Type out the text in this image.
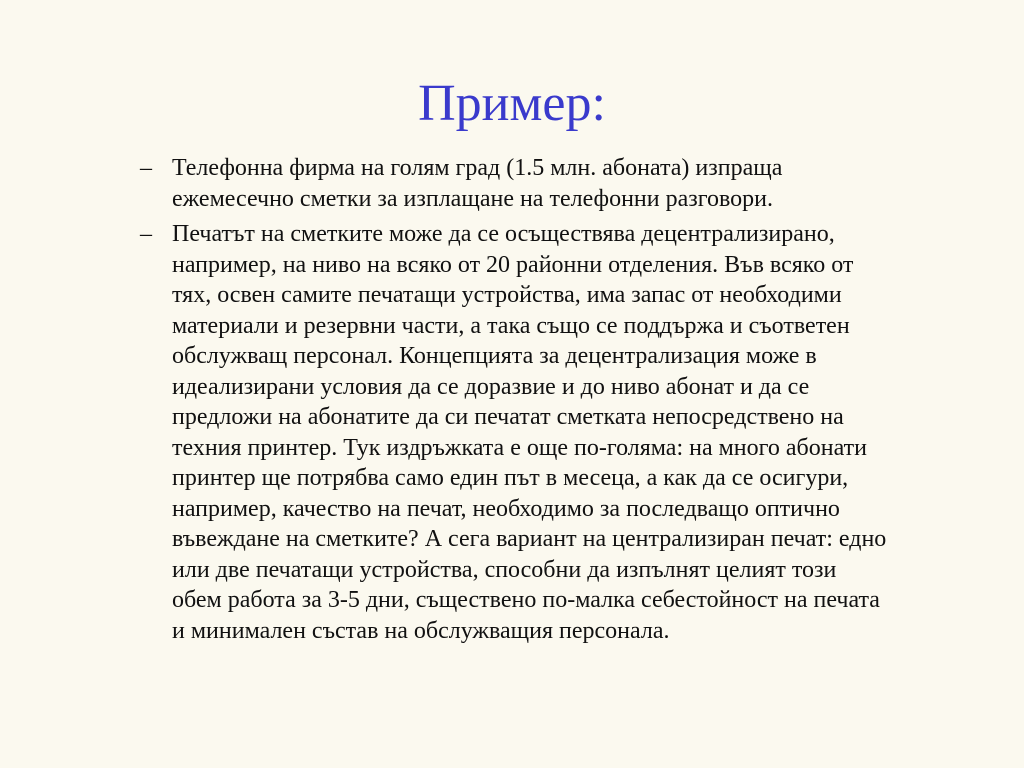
Пример:
– Телефонна фирма на голям град (1.5 млн. абоната) изпраща
ежемесечно сметки за изплащане на телефонни разговори.
– Печатът на сметките може да се осъществява децентрализирано,
например, на ниво на всяко от 20 районни отделения. Във всяко от
тях, освен самите печатащи устройства, има запас от необходими
материали и резервни части, а така също се поддържа и съответен
обслужващ персонал. Концепцията за децентрализация може в
идеализирани условия да се доразвие и до ниво абонат и да се
предложи на абонатите да си печатат сметката непосредствено на
техния принтер. Тук издръжката е още по-голяма: на много абонати
принтер ще потрябва само един път в месеца, а как да се осигури,
например, качество на печат, необходимо за последващо оптично
въвеждане на сметките? А сега вариант на централизиран печат: едно
или две печатащи устройства, способни да изпълнят целият този
обем работа за 3-5 дни, съществено по-малка себестойност на печата
и минимален състав на обслужващия персонала.
